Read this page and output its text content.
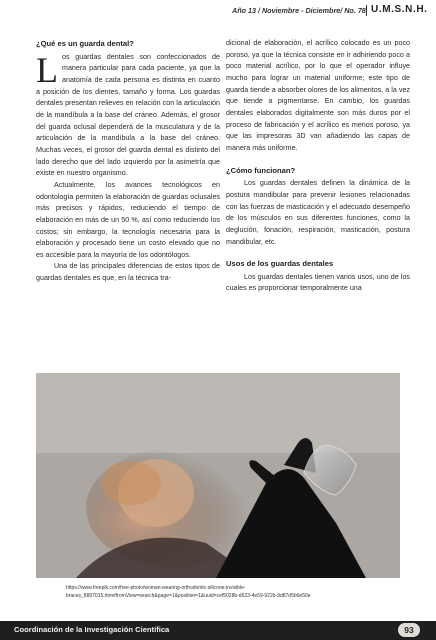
Año 13 / Noviembre - Diciembre/ No. 78 U.M.S.N.H.
¿Qué es un guarda dental?

L os guardas dentales son confeccionados de manera particular para cada paciente, ya que la anatomía de cada persona es distinta en cuanto a posición de los dientes, tamaño y forma. Los guardas dentales presentan relieves en relación con la articulación de la mandíbula a la base del cráneo. Además, el grosor del guarda oclusal dependerá de la musculatura y de la articulación de la mandíbula a la base del cráneo. Muchas veces, el grosor del guarda dental es distinto del lado derecho que del lado izquierdo por la asimetría que existe en nuestro organismo.

Actualmente, los avances tecnológicos en odontología permiten la elaboración de guardas oclusales más precisos y rápidos, reduciendo el tiempo de elaboración en más de un 50 %, así como reduciendo los costos; sin embargo, la tecnología necesaria para la elaboración y procesado tiene un costo elevado que no es accesible para la mayoría de los odontólogos.

Una de las principales diferencias de estos tipos de guardas dentales es que, en la técnica tra-

dicional de elaboración, el acrílico colocado es un poco poroso, ya que la técnica consiste en ir adhiriendo poco a poco material acrílico, por lo que el operador influye mucho para lograr un material uniforme; este tipo de guarda tiende a absorber olores de los alimentos, a la vez que tiende a pigmentarse. En cambio, los guardas dentales elaborados digitalmente son más duros por el proceso de fabricación y el acrílico es menos poroso, ya que las impresoras 3D van añadiendo las capas de manera más uniforme.

¿Cómo funcionan?

Los guardas dentales definen la dinámica de la postura mandibular para prevenir lesiones relacionadas con las fuerzas de masticación y el adecuado desempeño de los músculos en sus diferentes funciones, como la deglución, fonación, respiración, masticación, postura mandibular, etc.

Usos de los guardas dentales

Los guardas dentales tienen varios usos, uno de los cuales es proporcionar temporalmente una

https://www.freepik.com/free-photo/woman-wearing-orthodontic-silicone-invisible-braces_8897015.htm#fromView=search&page=1&position=1&uuid=cef5028b-d623-4e59-922b-9d87d5b6e50e
Coordinación de la Investigación Científica	93
